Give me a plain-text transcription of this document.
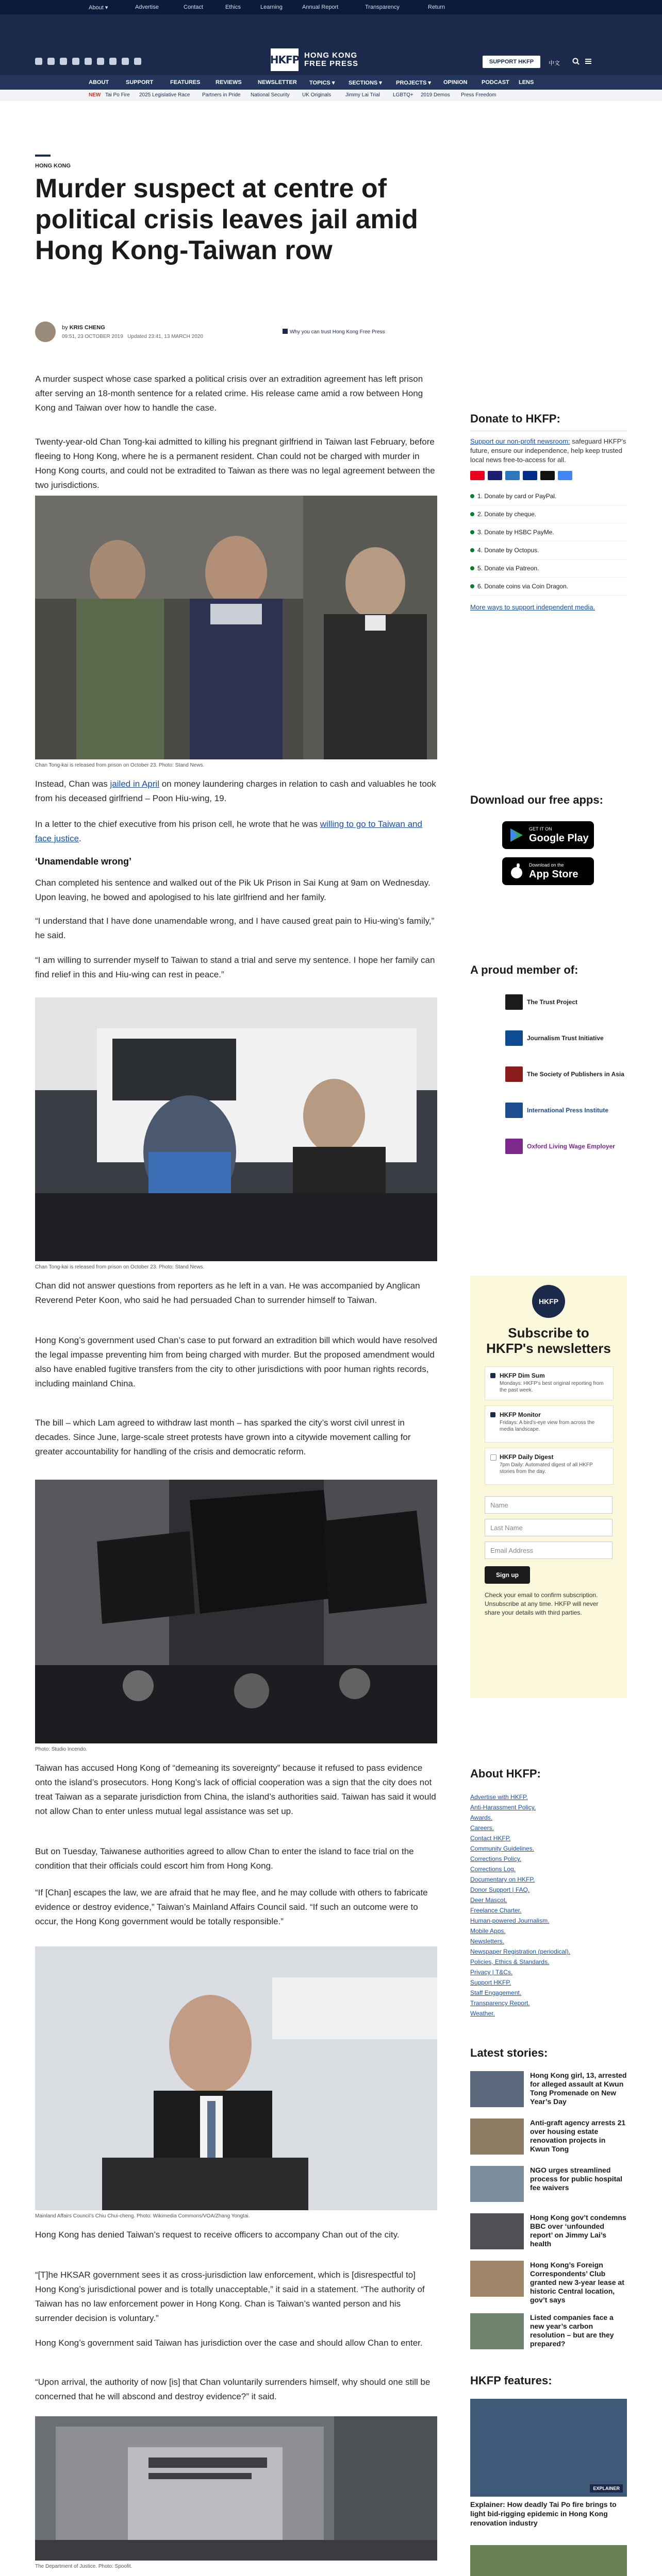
About ▾	Advertise	Contact	Ethics	Learning	Annual Report	Transparency	Return
HKFP HONG KONG
FREE PRESS	SUPPORT HKFP	中文
ABOUT	SUPPORT	FEATURES	REVIEWS	NEWSLETTER TOPICS ▾ SECTIONS ▾ PROJECTS ▾ OPINION	PODCAST LENS
NEW Tai Po Fire 2025 Legislative Race Partners in Pride National Security UK Originals	Jimmy Lai Trial	LGBTQ+ 2019 Demos Press Freedom
HONG KONG
Murder suspect at centre of political crisis leaves jail amid Hong Kong-Taiwan row
by KRIS CHENG
09:51, 23 OCTOBER 2019 Updated 23:41, 13 MARCH 2020
Why you can trust Hong Kong Free Press

A murder suspect whose case sparked a political crisis over an extradition agreement has left prison after serving an 18-month sentence for a related crime. His release came amid a row between Hong Kong and Taiwan over how to handle the case.

Twenty-year-old Chan Tong-kai admitted to killing his pregnant girlfriend in Taiwan last February, before fleeing to Hong Kong, where he is a permanent resident. Chan could not be charged with murder in Hong Kong courts, and could not be extradited to Taiwan as there was no legal agreement between the two jurisdictions.

Chan Tong-kai is released from prison on October 23. Photo: Stand News.

Instead, Chan was jailed in April on money laundering charges in relation to cash and valuables he took from his deceased girlfriend – Poon Hiu-wing, 19.

In a letter to the chief executive from his prison cell, he wrote that he was willing to go to Taiwan and face justice.

‘Unamendable wrong’

Chan completed his sentence and walked out of the Pik Uk Prison in Sai Kung at 9am on Wednesday. Upon leaving, he bowed and apologised to his late girlfriend and her family.

“I understand that I have done unamendable wrong, and I have caused great pain to Hiu-wing’s family,” he said.

“I am willing to surrender myself to Taiwan to stand a trial and serve my sentence. I hope her family can find relief in this and Hiu-wing can rest in peace.”

Chan Tong-kai is released from prison on October 23. Photo: Stand News.

Chan did not answer questions from reporters as he left in a van. He was accompanied by Anglican Reverend Peter Koon, who said he had persuaded Chan to surrender himself to Taiwan.

Hong Kong’s government used Chan’s case to put forward an extradition bill which would have resolved the legal impasse preventing him from being charged with murder. But the proposed amendment would also have enabled fugitive transfers from the city to other jurisdictions with poor human rights records, including mainland China.

The bill – which Lam agreed to withdraw last month – has sparked the city’s worst civil unrest in decades. Since June, large-scale street protests have grown into a citywide movement calling for greater accountability for handling of the crisis and democratic reform.

Photo: Studio Incendo.

Taiwan has accused Hong Kong of “demeaning its sovereignty” because it refused to pass evidence onto the island’s prosecutors. Hong Kong’s lack of official cooperation was a sign that the city does not treat Taiwan as a separate jurisdiction from China, the island’s authorities said. Taiwan has said it would not allow Chan to enter unless mutual legal assistance was set up.

But on Tuesday, Taiwanese authorities agreed to allow Chan to enter the island to face trial on the condition that their officials could escort him from Hong Kong.

“If [Chan] escapes the law, we are afraid that he may flee, and he may collude with others to fabricate evidence or destroy evidence,” Taiwan’s Mainland Affairs Council said. “If such an outcome were to occur, the Hong Kong government would be totally responsible.”

Mainland Affairs Council’s Chiu Chui-cheng. Photo: Wikimedia Commons/VOA/Zhang Yongtai.

Hong Kong has denied Taiwan’s request to receive officers to accompany Chan out of the city.

“[T]he HKSAR government sees it as cross-jurisdiction law enforcement, which is [disrespectful to] Hong Kong’s jurisdictional power and is totally unacceptable,” it said in a statement. “The authority of Taiwan has no law enforcement power in Hong Kong. Chan is Taiwan’s wanted person and his surrender decision is voluntary.”

Hong Kong’s government said Taiwan has jurisdiction over the case and should allow Chan to enter.

“Upon arrival, the authority of now [is] that Chan voluntarily surrenders himself, why should one still be concerned that he will abscond and destroy evidence?” it said.

The Department of Justice. Photo: Spoofit.

Donate to HKFP:

Support our non-profit newsroom: safeguard HKFP's future, ensure our independence, help keep trusted local news free-to-access for all.

1. Donate by card or PayPal.
2. Donate by cheque.
3. Donate by HSBC PayMe.
4. Donate by Octopus.
5. Donate via Patreon.
6. Donate coins via Coin Dragon.
More ways to support independent media.
Download our free apps:
GET IT ON
Google Play
Download on the
App Store
A proud member of:
The Trust Project
Journalism Trust Initiative
The Society of Publishers in Asia
International Press Institute
Oxford Living Wage Employer
HKFP
Subscribe to HKFP's newsletters
HKFP Dim Sum
Mondays: HKFP's best original reporting from the past week.
HKFP Monitor
Fridays: A bird's-eye view from across the media landscape.
HKFP Daily Digest
7pm Daily: Automated digest of all HKFP stories from the day.
Name
Last Name
Email Address
Sign up
Check your email to confirm subscription. Unsubscribe at any time. HKFP will never share your details with third parties.
About HKFP:
Advertise with HKFP.
Anti-Harassment Policy.
Awards.
Careers.
Contact HKFP.
Community Guidelines.
Corrections Policy.
Corrections Log.
Documentary on HKFP.
Donor Support | FAQ.
Deer Mascot.
Freelance Charter.
Human-powered Journalism.
Mobile Apps.
Newsletters.
Newspaper Registration (periodical).
Policies, Ethics & Standards.
Privacy | T&Cs.
Support HKFP.
Staff Engagement.
Transparency Report.
Weather.
Latest stories:
Hong Kong girl, 13, arrested for alleged assault at Kwun Tong Promenade on New Year’s Day
Anti-graft agency arrests 21 over housing estate renovation projects in Kwun Tong
NGO urges streamlined process for public hospital fee waivers
Hong Kong gov’t condemns BBC over ‘unfounded report’ on Jimmy Lai’s health
Hong Kong’s Foreign Correspondents’ Club granted new 3-year lease at historic Central location, gov’t says
Listed companies face a new year’s carbon resolution – but are they prepared?
HKFP features:
EXPLAINER
Explainer: How deadly Tai Po fire brings to light bid-rigging epidemic in Hong Kong renovation industry
